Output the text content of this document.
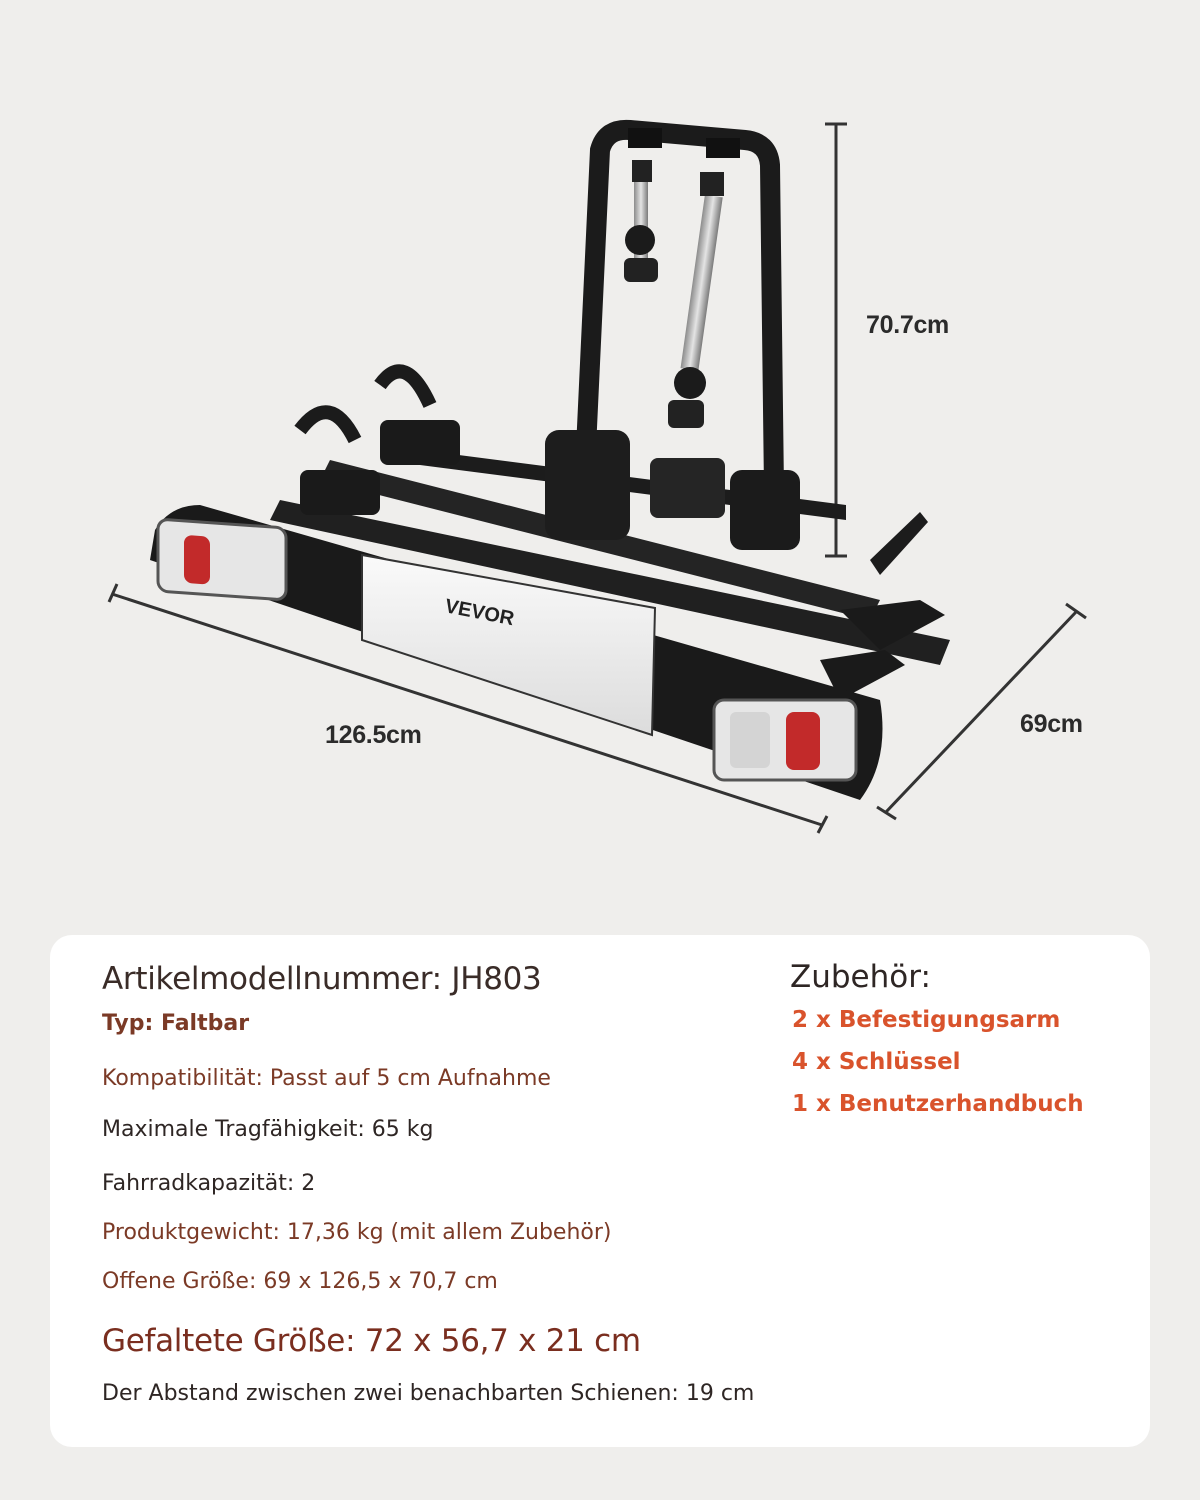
VEVOR
70.7cm
126.5cm	69cm
Artikelmodellnummer: JH803
Typ: Faltbar
Kompatibilität: Passt auf 5 cm Aufnahme
Maximale Tragfähigkeit: 65 kg
Fahrradkapazität: 2
Produktgewicht: 17,36 kg (mit allem Zubehör)
Offene Größe: 69 x 126,5 x 70,7 cm
Gefaltete Größe: 72 x 56,7 x 21 cm
Der Abstand zwischen zwei benachbarten Schienen: 19 cm
Zubehör:
2 x Befestigungsarm
4 x Schlüssel
1 x Benutzerhandbuch
